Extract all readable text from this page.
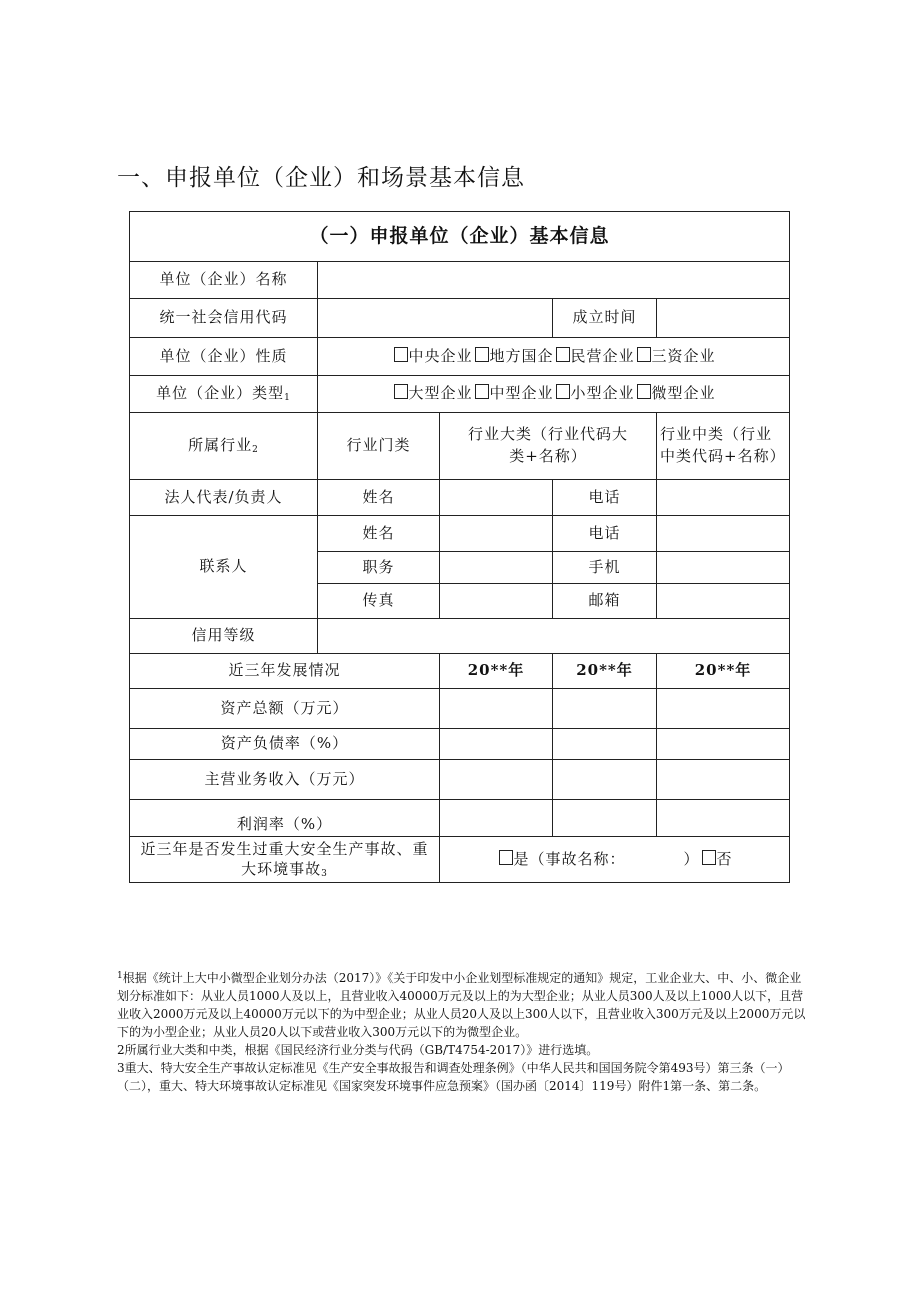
一、申报单位（企业）和场景基本信息
（一）申报单位（企业）基本信息				
单位（企业）名称				
统一社会信用代码			成立时间	
单位（企业）性质	中央企业 地方国企 民营企业 三资企业			
单位（企业）类型$_1$	大型企业 中型企业 小型企业 微型企业			
所属行业$_2$	行业门类	行业大类（行业代码大类+名称）		行业中类（行业中类代码+名称）
法人代表/负责人	姓名		电话	
联系人	姓名		电话	
	职务		手机	
	传真		邮箱	
信用等级				
近三年发展情况		20**年	20**年	20**年
资产总额（万元）				
资产负债率（%）				
主营业务收入（万元）				
利润率（%）				
近三年是否发生过重大安全生产事故、重大环境事故$_3$		是（事故名称： ） 否		

$^1$根据《统计上大中小微型企业划分办法（2017）》《关于印发中小企业划型标准规定的通知》规定，工业企业大、中、小、微企业划分标准如下：从业人员1000人及以上，且营业收入40000万元及以上的为大型企业；从业人员300人及以上1000人以下，且营业收入2000万元及以上40000万元以下的为中型企业；从业人员20人及以上300人以下，且营业收入300万元及以上2000万元以下的为小型企业；从业人员20人以下或营业收入300万元以下的为微型企业。

2所属行业大类和中类，根据《国民经济行业分类与代码（GB/T4754-2017）》进行选填。

3重大、特大安全生产事故认定标准见《生产安全事故报告和调查处理条例》（中华人民共和国国务院令第493号）第三条（一）（二），重大、特大环境事故认定标准见《国家突发环境事件应急预案》（国办函〔2014〕119号）附件1第一条、第二条。
